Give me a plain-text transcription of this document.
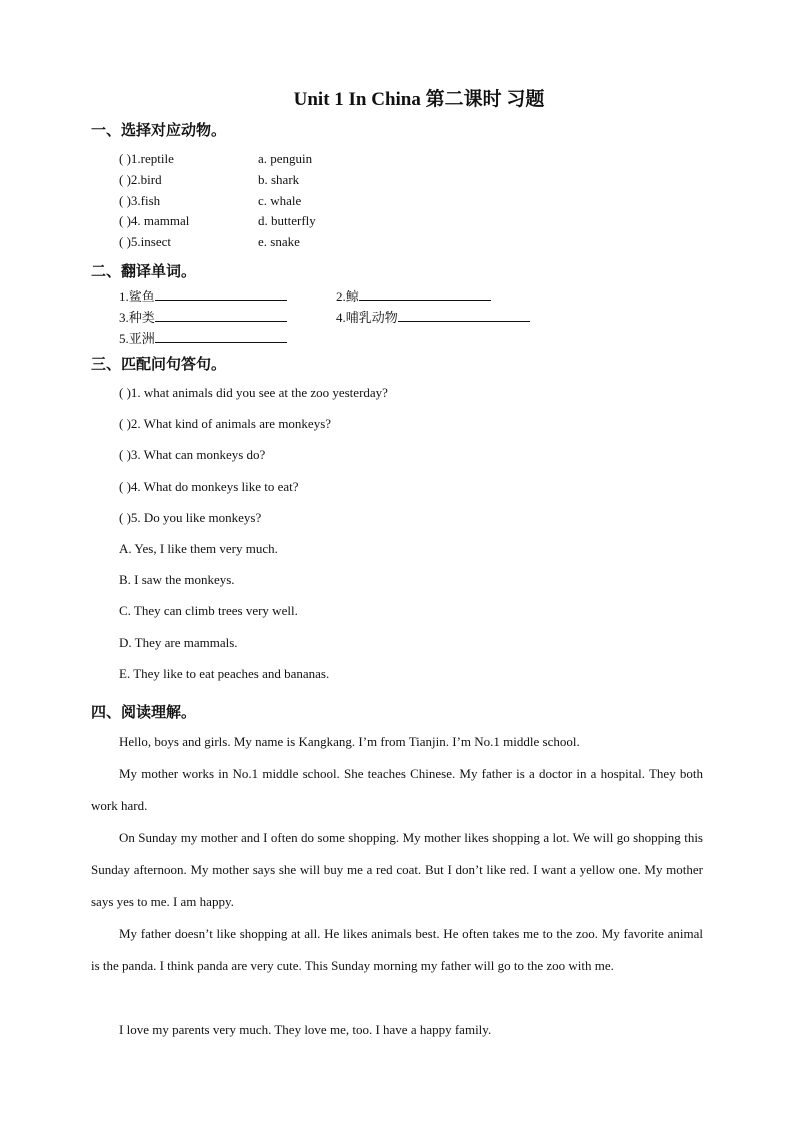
Unit 1 In China 第二课时 习题
一、选择对应动物。
( )1.reptile	a. penguin
( )2.bird	b. shark
( )3.fish	c. whale
( )4. mammal	d. butterfly
( )5.insect	e. snake
二、翻译单词。
1.鲨鱼	2.鲸
3.种类	4.哺乳动物
5.亚洲
三、匹配问句答句。
( )1. what animals did you see at the zoo yesterday?
( )2. What kind of animals are monkeys?
( )3. What can monkeys do?
( )4. What do monkeys like to eat?
( )5. Do you like monkeys?
A. Yes, I like them very much.
B. I saw the monkeys.
C. They can climb trees very well.
D. They are mammals.
E. They like to eat peaches and bananas.
四、阅读理解。
Hello, boys and girls. My name is Kangkang. I’m from Tianjin. I’m No.1 middle school.
My mother works in No.1 middle school. She teaches Chinese. My father is a doctor in a hospital. They both work hard.
On Sunday my mother and I often do some shopping. My mother likes shopping a lot. We will go shopping this Sunday afternoon. My mother says she will buy me a red coat. But I don’t like red. I want a yellow one. My mother says yes to me. I am happy.
My father doesn’t like shopping at all. He likes animals best. He often takes me to the zoo. My favorite animal is the panda. I think panda are very cute. This Sunday morning my father will go to the zoo with me.
I love my parents very much. They love me, too. I have a happy family.
